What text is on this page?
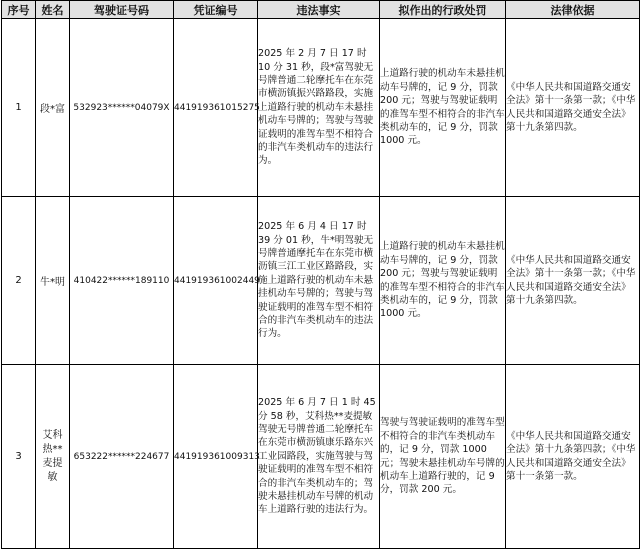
序号	姓名	驾驶证号码	凭证编号	违法事实	拟作出的行政处罚	法律依据
1	段*富	532923******04079X	441919361015275	2025 年 2 月 7 日 17 时 10 分 31 秒，段*富驾驶无号牌普通二轮摩托车在东莞市横沥镇振兴路路段，实施上道路行驶的机动车未悬挂机动车号牌的；驾驶与驾驶证载明的准驾车型不相符合的非汽车类机动车的违法行为。	上道路行驶的机动车未悬挂机动车号牌的，记 9 分，罚款 200 元；驾驶与驾驶证载明的准驾车型不相符合的非汽车类机动车的，记 9 分，罚款 1000 元。	《中华人民共和国道路交通安全法》第十一条第一款；《中华人民共和国道路交通安全法》第十九条第四款。
2	牛*明	410422******189110	441919361002449	2025 年 6 月 4 日 17 时 39 分 01 秒，牛*明驾驶无号牌普通摩托车在东莞市横沥镇三江工业区路路段，实施上道路行驶的机动车未悬挂机动车号牌的；驾驶与驾驶证载明的准驾车型不相符合的非汽车类机动车的违法行为。	上道路行驶的机动车未悬挂机动车号牌的，记 9 分，罚款 200 元；驾驶与驾驶证载明的准驾车型不相符合的非汽车类机动车的，记 9 分，罚款 1000 元。	《中华人民共和国道路交通安全法》第十一条第一款；《中华人民共和国道路交通安全法》第十九条第四款。
3	艾科热**麦提敏	653222******224677	441919361009313	2025 年 6 月 7 日 1 时 45 分 58 秒，艾科热**麦提敏驾驶无号牌普通二轮摩托车在东莞市横沥镇康乐路东兴工业园路段，实施驾驶与驾驶证载明的准驾车型不相符合的非汽车类机动车的；驾驶未悬挂机动车号牌的机动车上道路行驶的违法行为。	驾驶与驾驶证载明的准驾车型不相符合的非汽车类机动车的，记 9 分，罚款 1000 元；驾驶未悬挂机动车号牌的机动车上道路行驶的，记 9 分，罚款 200 元。	《中华人民共和国道路交通安全法》第十九条第四款；《中华人民共和国道路交通安全法》第十一条第一款。
